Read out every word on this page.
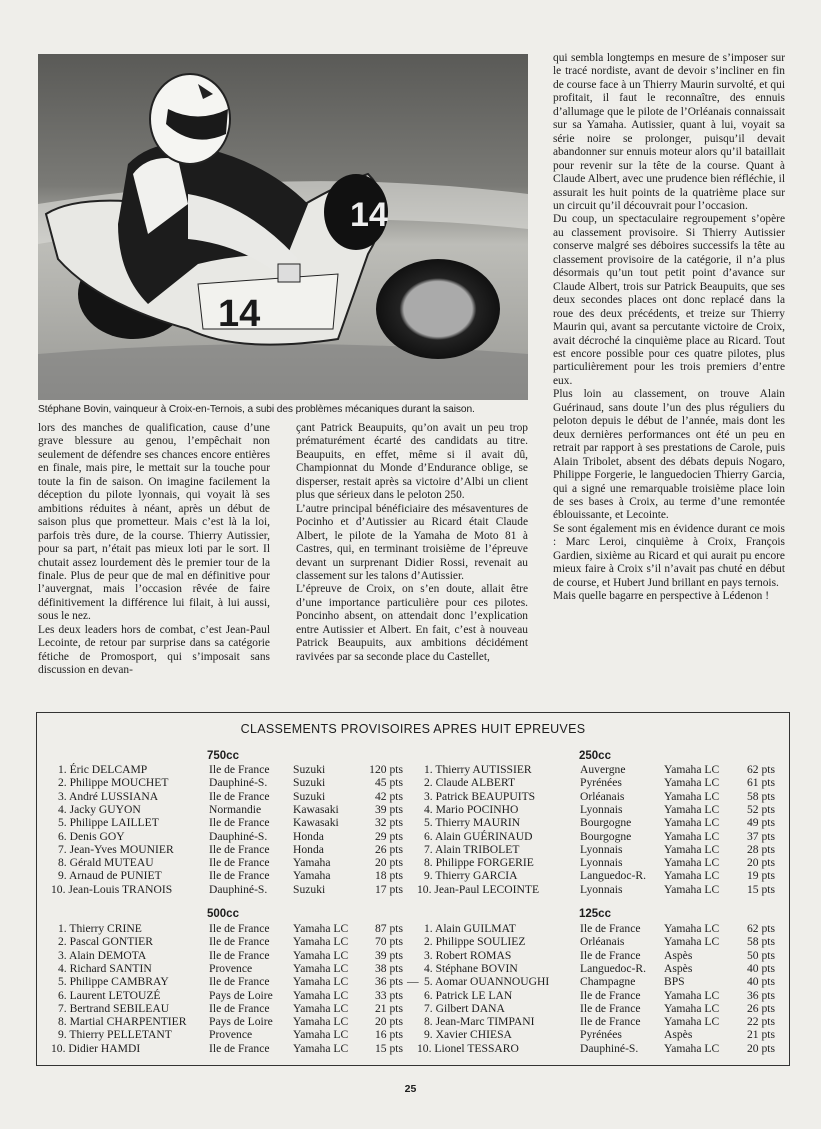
14
14
Stéphane Bovin, vainqueur à Croix-en-Ternois, a subi des problèmes mécaniques durant la saison.

lors des manches de qualification, cause d’une grave blessure au genou, l’empêchait non seulement de défendre ses chances encore entières en finale, mais pire, le mettait sur la touche pour toute la fin de saison. On imagine facilement la déception du pilote lyonnais, qui voyait là ses ambitions réduites à néant, après un début de saison plus que prometteur. Mais c’est là la loi, parfois très dure, de la course. Thierry Autissier, pour sa part, n’était pas mieux loti par le sort. Il chutait assez lourdement dès le premier tour de la finale. Plus de peur que de mal en définitive pour l’auvergnat, mais l’occasion rêvée de faire définitivement la différence lui filait, à lui aussi, sous le nez.

Les deux leaders hors de combat, c’est Jean-Paul Lecointe, de retour par surprise dans sa catégorie fétiche de Promosport, qui s’imposait sans discussion en devan-

çant Patrick Beaupuits, qu’on avait un peu trop prématurément écarté des candidats au titre. Beaupuits, en effet, même si il avait dû, Championnat du Monde d’Endurance oblige, se disperser, restait après sa victoire d’Albi un client plus que sérieux dans le peloton 250.

L’autre principal bénéficiaire des mésaventures de Pocinho et d’Autissier au Ricard était Claude Albert, le pilote de la Yamaha de Moto 81 à Castres, qui, en terminant troisième de l’épreuve devant un surprenant Didier Rossi, revenait au classement sur les talons d’Autissier.

L’épreuve de Croix, on s’en doute, allait être d’une importance particulière pour ces pilotes. Poncinho absent, on attendait donc l’explication entre Autissier et Albert. En fait, c’est à nouveau Patrick Beaupuits, aux ambitions décidément ravivées par sa seconde place du Castellet,

qui sembla longtemps en mesure de s’imposer sur le tracé nordiste, avant de devoir s’incliner en fin de course face à un Thierry Maurin survolté, et qui profitait, il faut le reconnaître, des ennuis d’allumage que le pilote de l’Orléanais connaissait sur sa Yamaha. Autissier, quant à lui, voyait sa série noire se prolonger, puisqu’il devait abandonner sur ennuis moteur alors qu’il bataillait pour revenir sur la tête de la course. Quant à Claude Albert, avec une prudence bien réfléchie, il assurait les huit points de la quatrième place sur un circuit qu’il découvrait pour l’occasion.

Du coup, un spectaculaire regroupement s’opère au classement provisoire. Si Thierry Autissier conserve malgré ses déboires successifs la tête au classement provisoire de la catégorie, il n’a plus désormais qu’un tout petit point d’avance sur Claude Albert, trois sur Patrick Beaupuits, que ses deux secondes places ont donc replacé dans la roue des deux précédents, et treize sur Thierry Maurin qui, avant sa percutante victoire de Croix, avait décroché la cinquième place au Ricard. Tout est encore possible pour ces quatre pilotes, plus particulièrement pour les trois premiers d’entre eux.

Plus loin au classement, on trouve Alain Guérinaud, sans doute l’un des plus réguliers du peloton depuis le début de l’année, mais dont les deux dernières performances ont été un peu en retrait par rapport à ses prestations de Carole, puis Alain Tribolet, absent des débats depuis Nogaro, Philippe Forgerie, le languedocien Thierry Garcia, qui a signé une remarquable troisième place loin de ses bases à Croix, au terme d’une remontée éblouissante, et Lecointe.

Se sont également mis en évidence durant ce mois : Marc Leroi, cinquième à Croix, François Gardien, sixième au Ricard et qui aurait pu encore mieux faire à Croix s’il n’avait pas chuté en début de course, et Hubert Jund brillant en pays ternois.

Mais quelle bagarre en perspective à Lédenon !

CLASSEMENTS PROVISOIRES APRES HUIT EPREUVES
750cc
1. Éric DELCAMP	Ile de France Suzuki	120 pts
2. Philippe MOUCHET	Dauphiné-S. Suzuki	45 pts
3. André LUSSIANA	Ile de France Suzuki	42 pts
4. Jacky GUYON	Normandie	Kawasaki	39 pts
5. Philippe LAILLET	Ile de France Kawasaki	32 pts
6. Denis GOY	Dauphiné-S. Honda	29 pts
7. Jean-Yves MOUNIER	Ile de France Honda	26 pts
8. Gérald MUTEAU	Ile de France Yamaha	20 pts
9. Arnaud de PUNIET	Ile de France Yamaha	18 pts
10. Jean-Louis TRANOIS	Dauphiné-S. Suzuki	17 pts
250cc
1. Thierry AUTISSIER	Auvergne	Yamaha LC 62 pts
2. Claude ALBERT	Pyrénées	Yamaha LC 61 pts
3. Patrick BEAUPUITS	Orléanais	Yamaha LC 58 pts
4. Mario POCINHO	Lyonnais	Yamaha LC 52 pts
5. Thierry MAURIN	Bourgogne	Yamaha LC 49 pts
6. Alain GUÉRINAUD	Bourgogne	Yamaha LC 37 pts
7. Alain TRIBOLET	Lyonnais	Yamaha LC 28 pts
8. Philippe FORGERIE	Lyonnais	Yamaha LC 20 pts
9. Thierry GARCIA	Languedoc-R. Yamaha LC 19 pts
10. Jean-Paul LECOINTE	Lyonnais	Yamaha LC 15 pts
500cc
1. Thierry CRINE	Ile de France Yamaha LC 87 pts
2. Pascal GONTIER	Ile de France Yamaha LC 70 pts
3. Alain DEMOTA	Ile de France Yamaha LC 39 pts
4. Richard SANTIN	Provence	Yamaha LC 38 pts
5. Philippe CAMBRAY	Ile de France Yamaha LC 36 pts
6. Laurent LETOUZÉ	Pays de Loire Yamaha LC 33 pts
7. Bertrand SEBILEAU	Ile de France Yamaha LC 21 pts
8. Martial CHARPENTIER Pays de Loire Yamaha LC 20 pts
9. Thierry PELLETANT	Provence	Yamaha LC 16 pts
10. Didier HAMDI	Ile de France Yamaha LC 15 pts
125cc
1. Alain GUILMAT	Ile de France Yamaha LC 62 pts
2. Philippe SOULIEZ	Orléanais	Yamaha LC 58 pts
3. Robert ROMAS	Ile de France Aspès	50 pts
4. Stéphane BOVIN	Languedoc-R. Aspès	40 pts
5. Aomar OUANNOUGHI	Champagne BPS	40 pts
6. Patrick LE LAN	Ile de France Yamaha LC 36 pts
7. Gilbert DANA	Ile de France Yamaha LC 26 pts
8. Jean-Marc TIMPANI	Ile de France Yamaha LC 22 pts
9. Xavier CHIESA	Pyrénées	Aspès	21 pts
10. Lionel TESSARO	Dauphiné-S. Yamaha LC 20 pts
—
25
